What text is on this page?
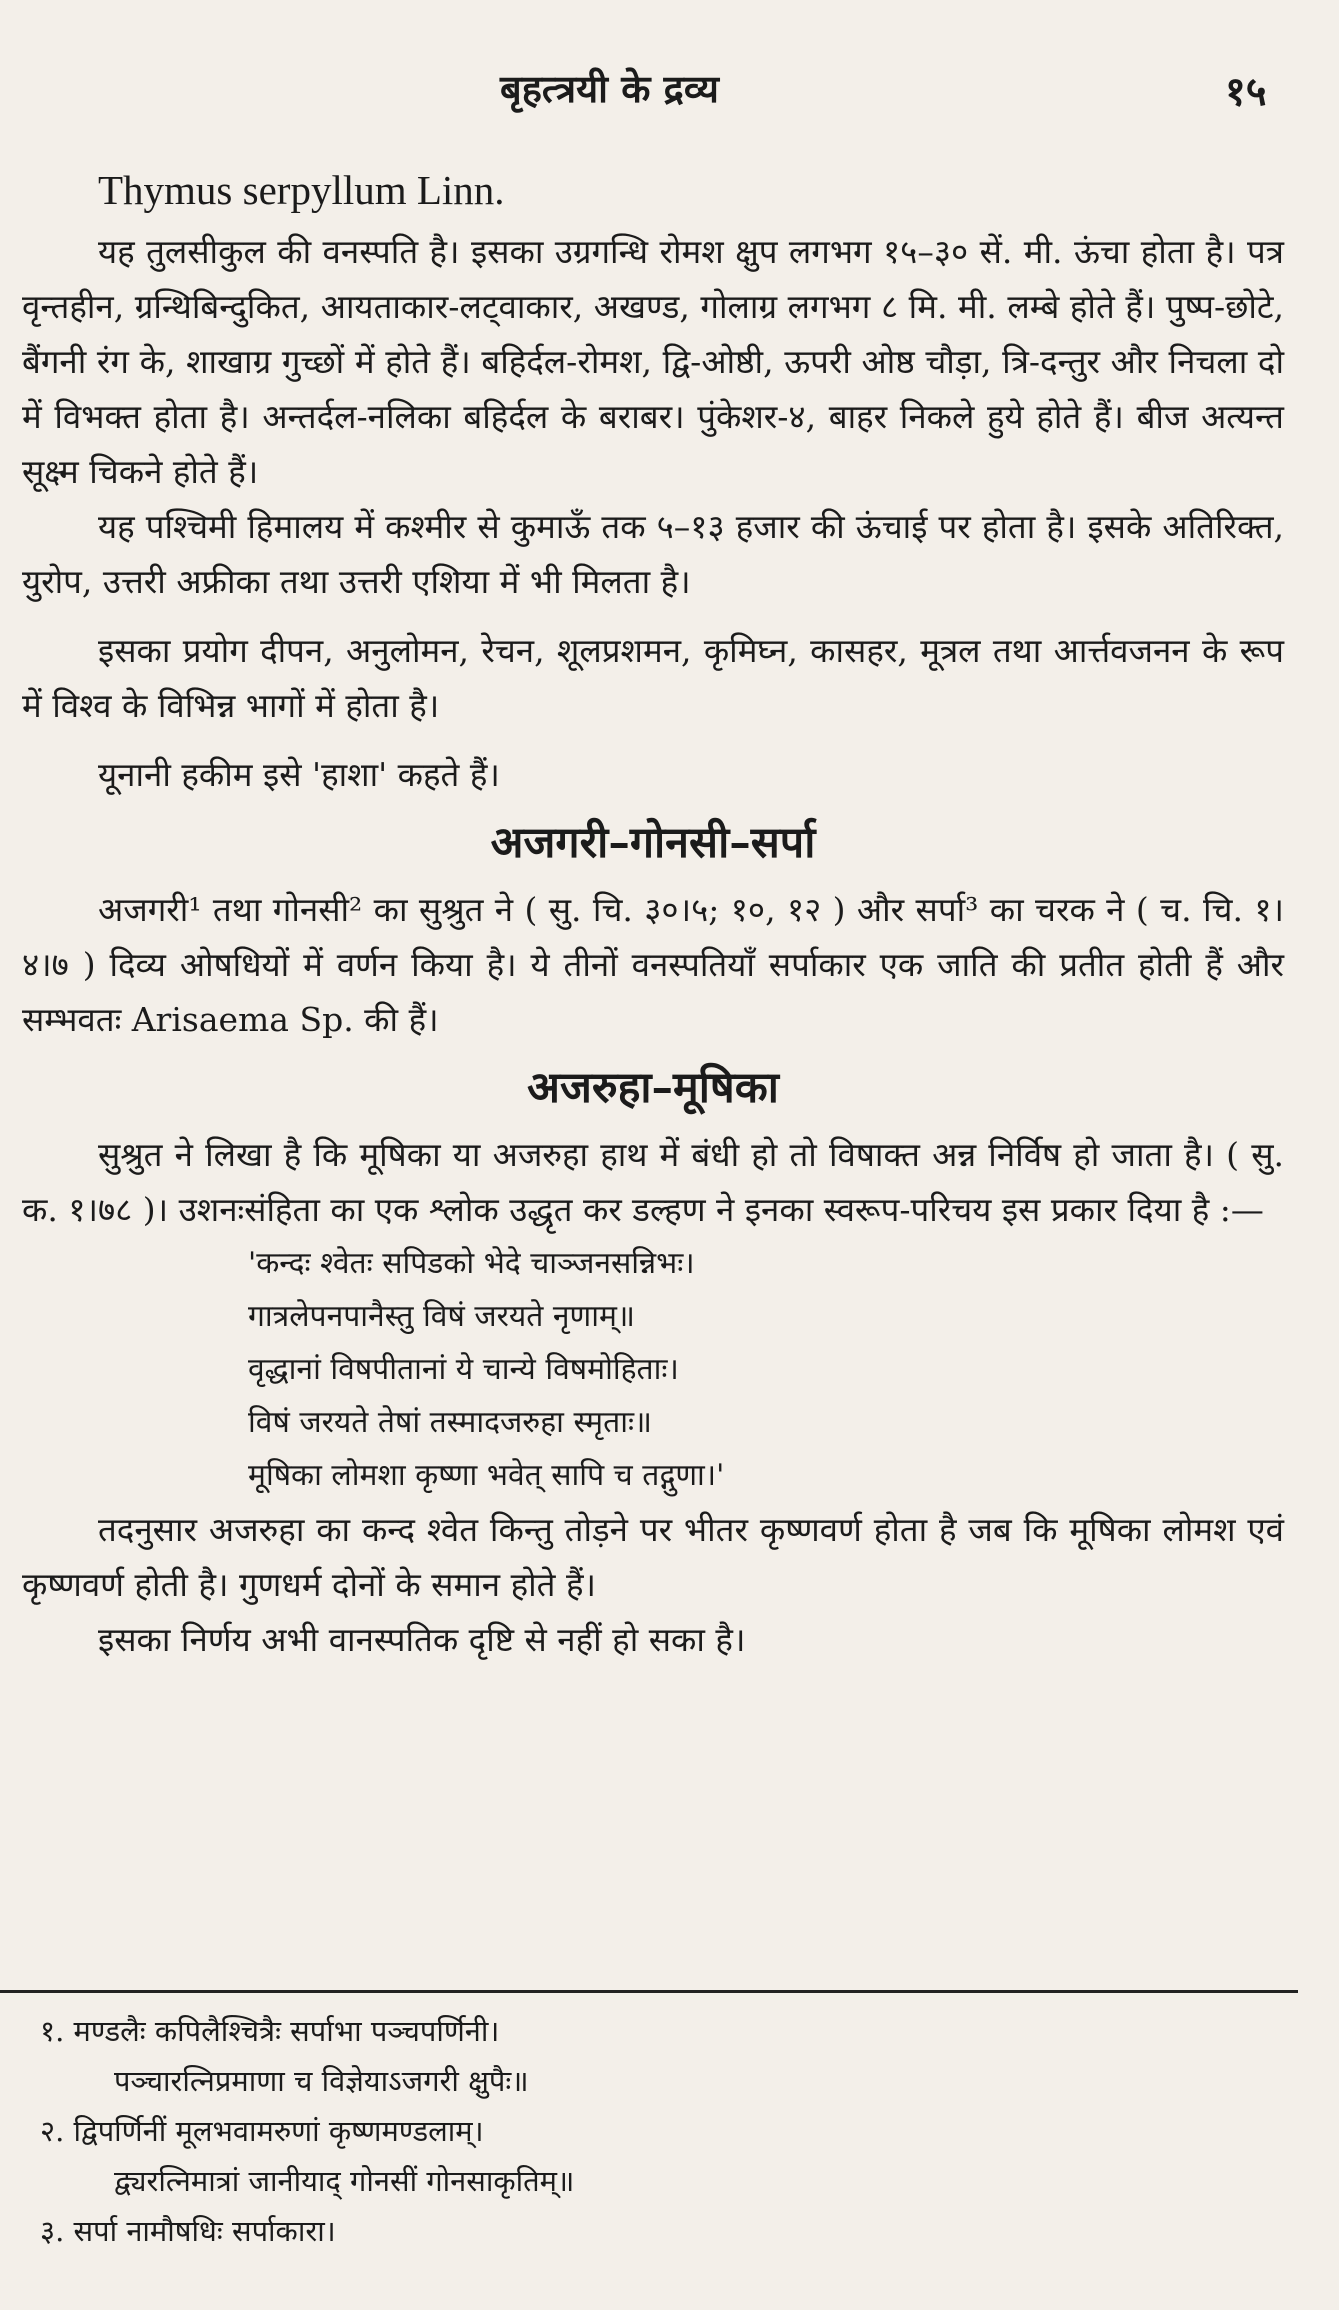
बृहत्त्रयी के द्रव्य	१५
Thymus serpyllum Linn.

यह तुलसीकुल की वनस्पति है। इसका उग्रगन्धि रोमश क्षुप लगभग १५–३० सें. मी. ऊंचा होता है। पत्र वृन्तहीन, ग्रन्थिबिन्दुकित, आयताकार-लट्वाकार, अखण्ड, गोलाग्र लगभग ८ मि. मी. लम्बे होते हैं। पुष्प-छोटे, बैंगनी रंग के, शाखाग्र गुच्छों में होते हैं। बहिर्दल-रोमश, द्वि-ओष्ठी, ऊपरी ओष्ठ चौड़ा, त्रि-दन्तुर और निचला दो में विभक्त होता है। अन्तर्दल-नलिका बहिर्दल के बराबर। पुंकेशर-४, बाहर निकले हुये होते हैं। बीज अत्यन्त सूक्ष्म चिकने होते हैं।

यह पश्चिमी हिमालय में कश्मीर से कुमाऊँ तक ५–१३ हजार की ऊंचाई पर होता है। इसके अतिरिक्त, युरोप, उत्तरी अफ्रीका तथा उत्तरी एशिया में भी मिलता है।

इसका प्रयोग दीपन, अनुलोमन, रेचन, शूलप्रशमन, कृमिघ्न, कासहर, मूत्रल तथा आर्त्तवजनन के रूप में विश्व के विभिन्न भागों में होता है।

यूनानी हकीम इसे 'हाशा' कहते हैं।

अजगरी–गोनसी–सर्पा

अजगरी¹ तथा गोनसी² का सुश्रुत ने ( सु. चि. ३०।५; १०, १२ ) और सर्पा³ का चरक ने ( च. चि. १।४।७ ) दिव्य ओषधियों में वर्णन किया है। ये तीनों वनस्पतियाँ सर्पाकार एक जाति की प्रतीत होती हैं और सम्भवतः Arisaema Sp. की हैं।

अजरुहा–मूषिका

सुश्रुत ने लिखा है कि मूषिका या अजरुहा हाथ में बंधी हो तो विषाक्त अन्न निर्विष हो जाता है। ( सु. क. १।७८ )। उशनःसंहिता का एक श्लोक उद्धृत कर डल्हण ने इनका स्वरूप-परिचय इस प्रकार दिया है :—

'कन्दः श्वेतः सपिडको भेदे चाञ्जनसन्निभः।

गात्रलेपनपानैस्तु विषं जरयते नृणाम्॥

वृद्धानां विषपीतानां ये चान्ये विषमोहिताः।

विषं जरयते तेषां तस्मादजरुहा स्मृताः॥

मूषिका लोमशा कृष्णा भवेत् सापि च तद्गुणा।'

तदनुसार अजरुहा का कन्द श्वेत किन्तु तोड़ने पर भीतर कृष्णवर्ण होता है जब कि मूषिका लोमश एवं कृष्णवर्ण होती है। गुणधर्म दोनों के समान होते हैं।

इसका निर्णय अभी वानस्पतिक दृष्टि से नहीं हो सका है।

१. मण्डलैः कपिलैश्चित्रैः सर्पाभा पञ्चपर्णिनी।

पञ्चारत्निप्रमाणा च विज्ञेयाऽजगरी क्षुपैः॥

२. द्विपर्णिनीं मूलभवामरुणां कृष्णमण्डलाम्।

द्व्यरत्निमात्रां जानीयाद् गोनसीं गोनसाकृतिम्॥

३. सर्पा नामौषधिः सर्पाकारा।
